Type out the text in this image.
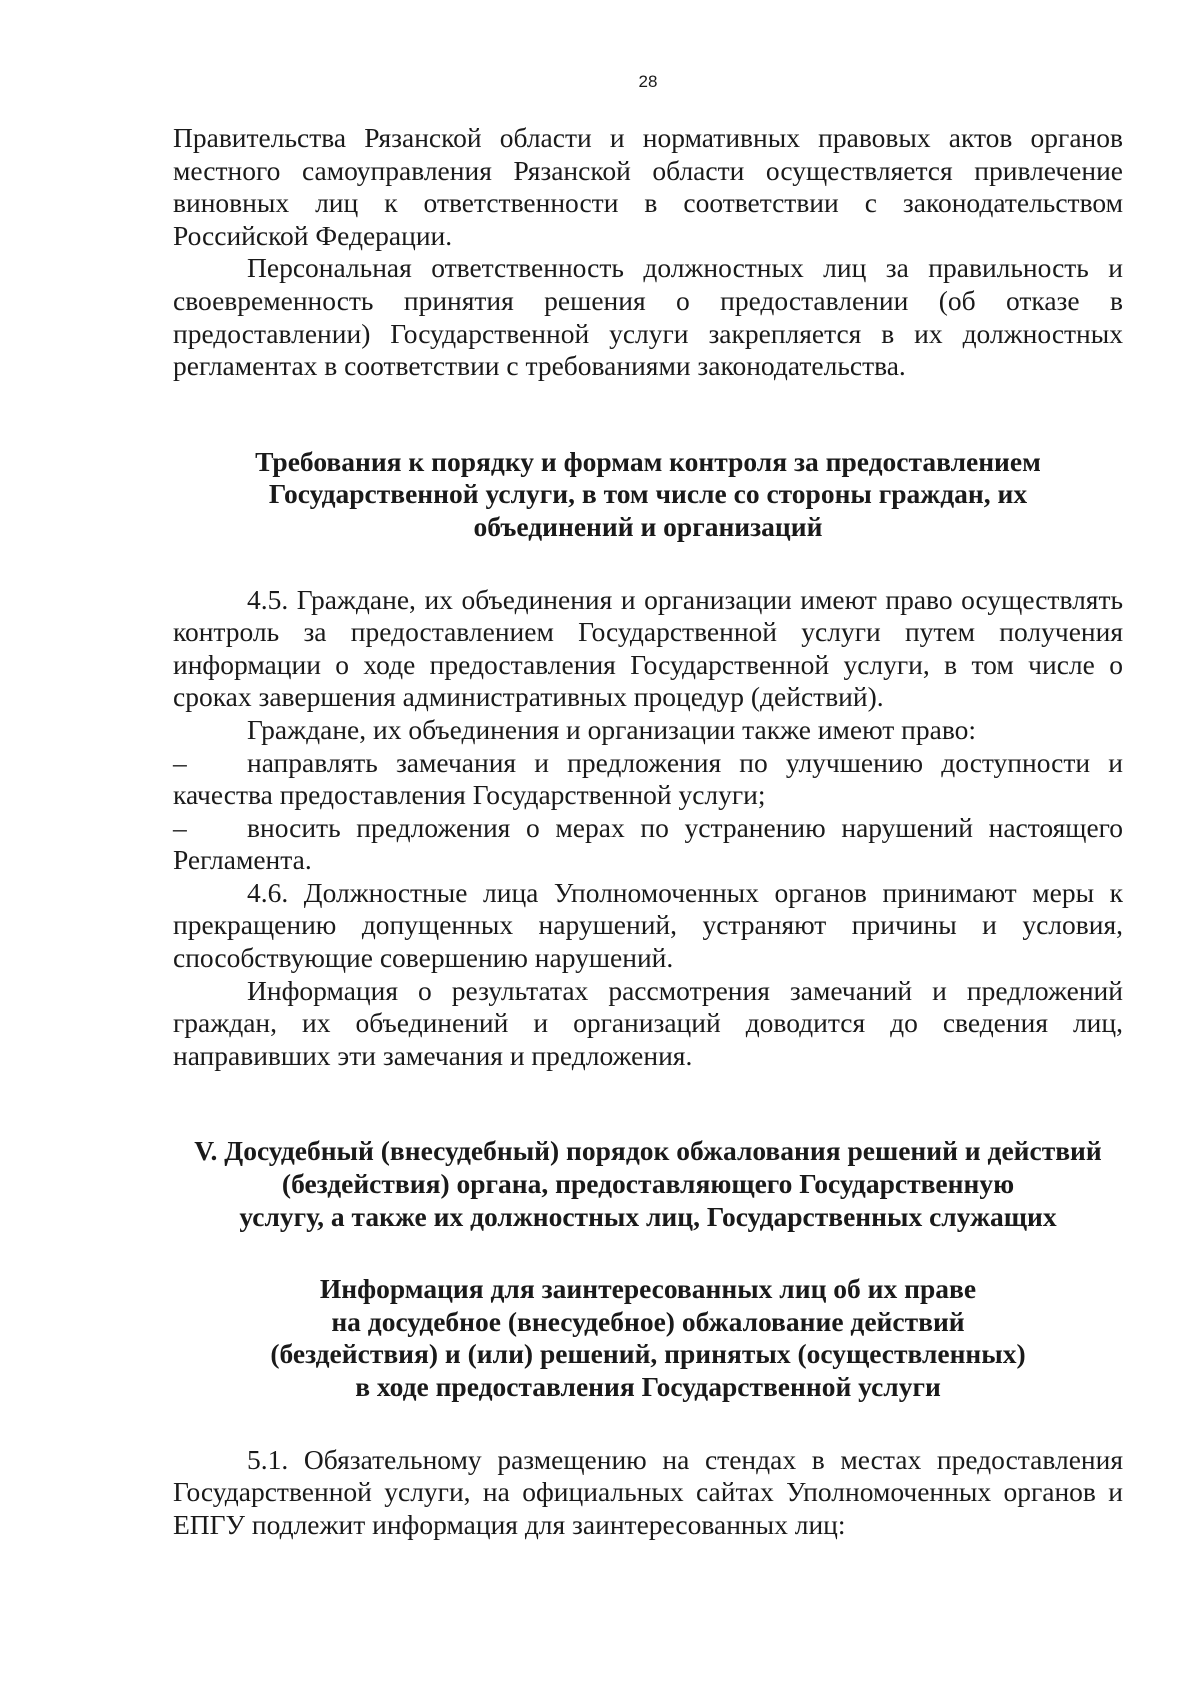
28

Правительства Рязанской области и нормативных правовых актов органов местного самоуправления Рязанской области осуществляется привлечение виновных лиц к ответственности в соответствии с законодательством Российской Федерации.

Персональная ответственность должностных лиц за правильность и своевременность принятия решения о предоставлении (об отказе в предоставлении) Государственной услуги закрепляется в их должностных регламентах в соответствии с требованиями законодательства.

Требования к порядку и формам контроля за предоставлением

Государственной услуги, в том числе со стороны граждан, их

объединений и организаций

4.5. Граждане, их объединения и организации имеют право осуществлять контроль за предоставлением Государственной услуги путем получения информации о ходе предоставления Государственной услуги, в том числе о сроках завершения административных процедур (действий).

Граждане, их объединения и организации также имеют право:

– направлять замечания и предложения по улучшению доступности и качества предоставления Государственной услуги;

– вносить предложения о мерах по устранению нарушений настоящего Регламента.

4.6. Должностные лица Уполномоченных органов принимают меры к прекращению допущенных нарушений, устраняют причины и условия, способствующие совершению нарушений.

Информация о результатах рассмотрения замечаний и предложений граждан, их объединений и организаций доводится до сведения лиц, направивших эти замечания и предложения.

V. Досудебный (внесудебный) порядок обжалования решений и действий

(бездействия) органа, предоставляющего Государственную

услугу, а также их должностных лиц, Государственных служащих

Информация для заинтересованных лиц об их праве

на досудебное (внесудебное) обжалование действий

(бездействия) и (или) решений, принятых (осуществленных)

в ходе предоставления Государственной услуги

5.1. Обязательному размещению на стендах в местах предоставления Государственной услуги, на официальных сайтах Уполномоченных органов и ЕПГУ подлежит информация для заинтересованных лиц:
